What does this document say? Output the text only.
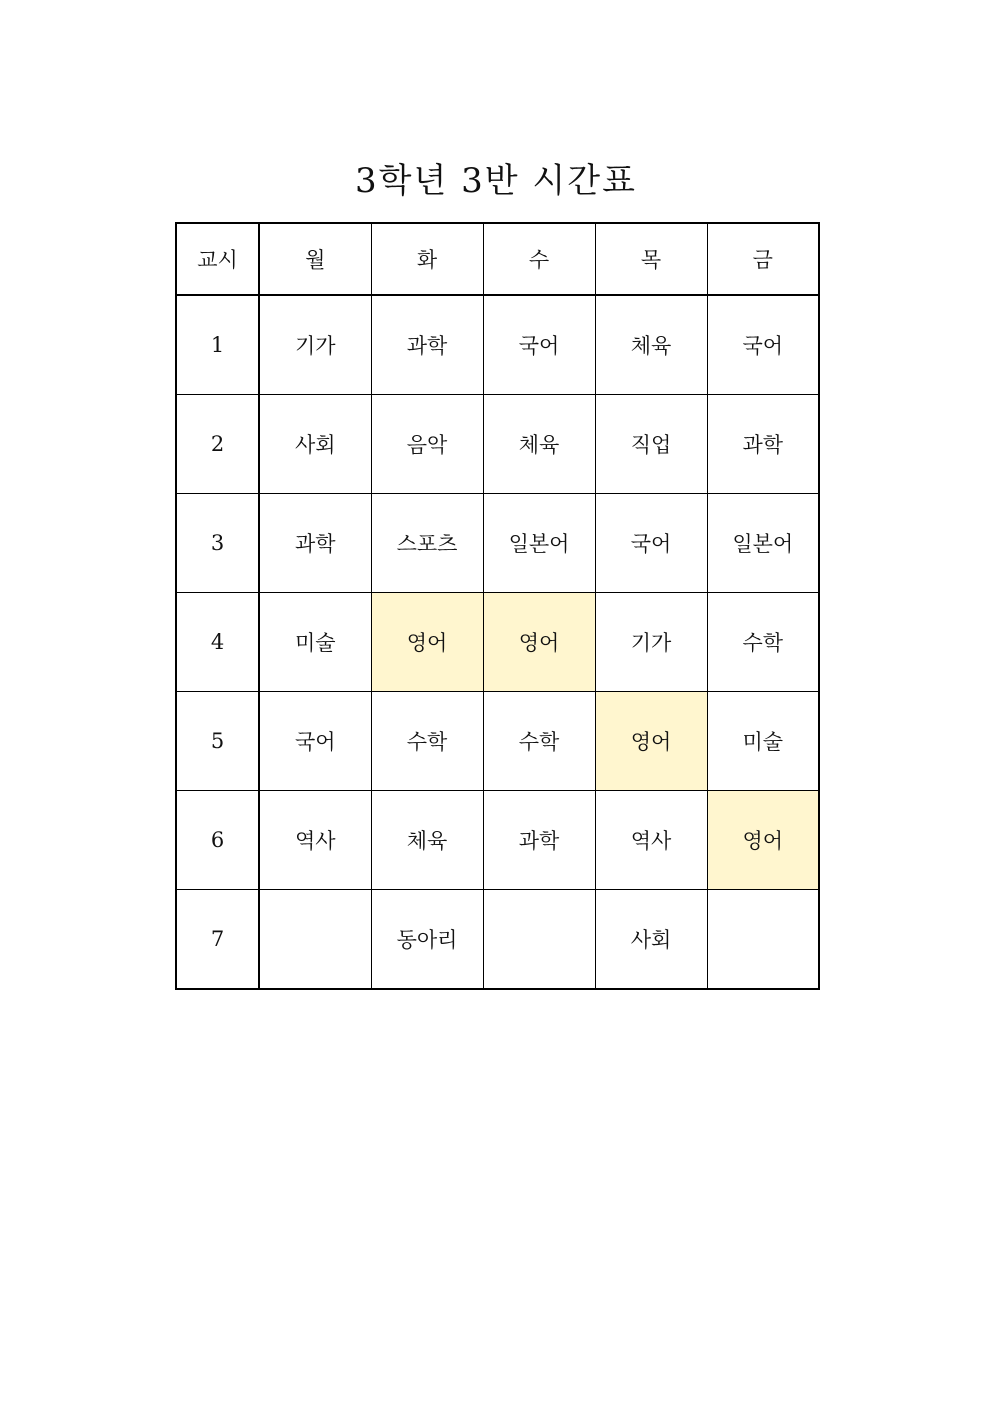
3학년 3반 시간표
교시	월	화	수	목	금
1	기가	과학	국어	체육	국어
2	사회	음악	체육	직업	과학
3	과학	스포츠	일본어	국어	일본어
4	미술	영어	영어	기가	수학
5	국어	수학	수학	영어	미술
6	역사	체육	과학	역사	영어
7		동아리		사회	
